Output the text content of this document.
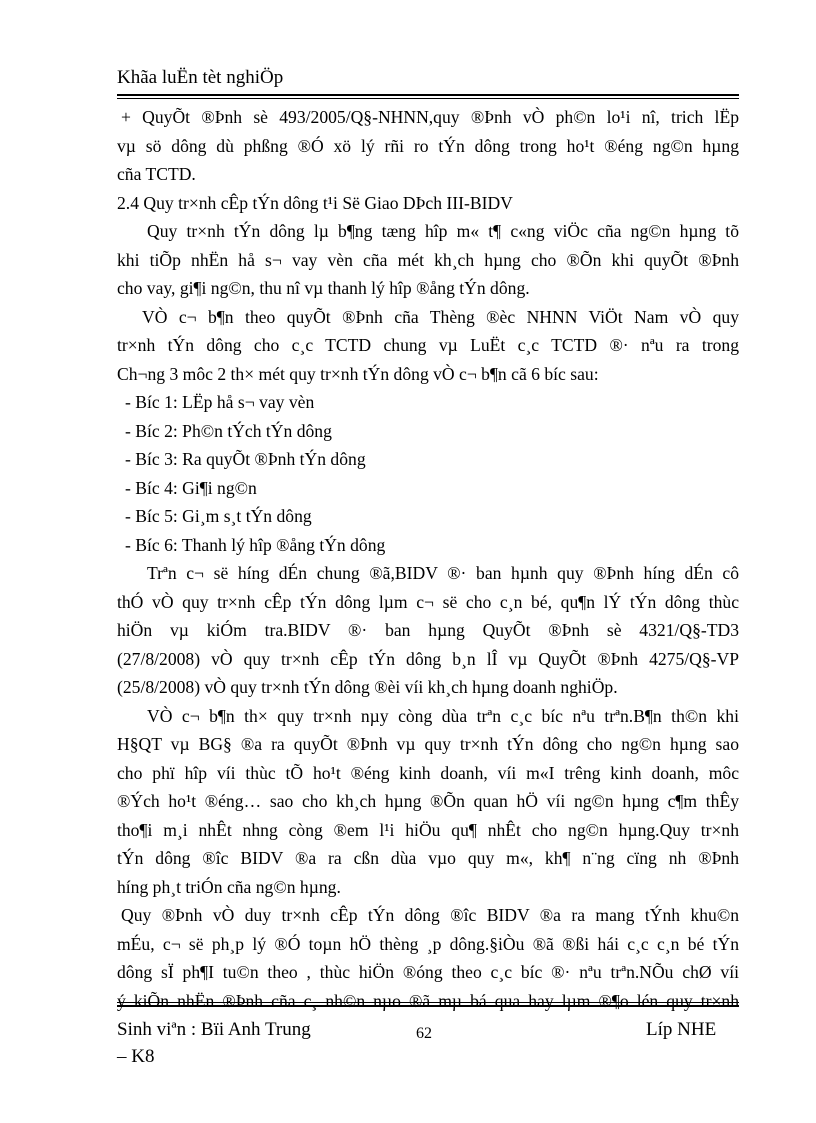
Khãa luËn tèt nghiÖp
+ QuyÕt ®Þnh sè 493/2005/Q§-NHNN,quy ®Þnh vÒ ph©n lo¹i nî, trich lËp
vµ sö dông dù phßng ®Ó xö lý rñi ro tÝn dông trong ho¹t ®éng ng©n hµng
cña TCTD.
2.4 Quy tr×nh cÊp tÝn dông t¹i Së Giao DÞch III-BIDV
Quy tr×nh tÝn dông lµ b¶ng tæng hîp m« t¶ c«ng viÖc cña ng©n hµng tõ
khi tiÕp nhËn hå s¬ vay vèn cña mét kh¸ch hµng cho ®Õn khi quyÕt ®Þnh
cho vay, gi¶i ng©n, thu nî vµ thanh lý hîp ®ång tÝn dông.
VÒ c¬ b¶n theo quyÕt ®Þnh cña Thèng ®èc NHNN ViÖt Nam vÒ quy
tr×nh tÝn dông cho c¸c TCTD chung vµ LuËt c¸c TCTD ®· nªu ra trong
Ch¬ng 3 môc 2 th× mét quy tr×nh tÝn dông vÒ c¬ b¶n cã 6 bíc sau:
- Bíc 1: LËp hå s¬ vay vèn
- Bíc 2: Ph©n tÝch tÝn dông
- Bíc 3: Ra quyÕt ®Þnh tÝn dông
- Bíc 4: Gi¶i ng©n
- Bíc 5: Gi¸m s¸t tÝn dông
- Bíc 6: Thanh lý hîp ®ång tÝn dông
Trªn c¬ së híng dÉn chung ®ã,BIDV ®· ban hµnh quy ®Þnh híng dÉn cô
thÓ vÒ quy tr×nh cÊp tÝn dông lµm c¬ së cho c¸n bé, qu¶n lÝ tÝn dông thùc
hiÖn vµ kiÓm tra.BIDV ®· ban hµng QuyÕt ®Þnh sè 4321/Q§-TD3
(27/8/2008) vÒ quy tr×nh cÊp tÝn dông b¸n lÎ vµ QuyÕt ®Þnh 4275/Q§-VP
(25/8/2008) vÒ quy tr×nh tÝn dông ®èi víi kh¸ch hµng doanh nghiÖp.
VÒ c¬ b¶n th× quy tr×nh nµy còng dùa trªn c¸c bíc nªu trªn.B¶n th©n khi
H§QT vµ BG§ ®a ra quyÕt ®Þnh vµ quy tr×nh tÝn dông cho ng©n hµng sao
cho phï hîp víi thùc tÕ ho¹t ®éng kinh doanh, víi m«I trêng kinh doanh, môc
®Ých ho¹t ®éng… sao cho kh¸ch hµng ®Õn quan hÖ víi ng©n hµng c¶m thÊy
tho¶i m¸i nhÊt nhng còng ®em l¹i hiÖu qu¶ nhÊt cho ng©n hµng.Quy tr×nh
tÝn dông ®îc BIDV ®a ra cßn dùa vµo quy m«, kh¶ n¨ng cïng nh ®Þnh
híng ph¸t triÓn cña ng©n hµng.
Quy ®Þnh vÒ duy tr×nh cÊp tÝn dông ®îc BIDV ®a ra mang tÝnh khu©n
mÉu, c¬ së ph¸p lý ®Ó toµn hÖ thèng ¸p dông.§iÒu ®ã ®ßi hái c¸c c¸n bé tÝn
dông sÏ ph¶I tu©n theo , thùc hiÖn ®óng theo c¸c bíc ®· nªu trªn.NÕu chØ víi
ý kiÕn nhËn ®Þnh cña c¸ nh©n nµo ®ã mµ bá qua hay lµm ®¶o lén quy tr×nh
Sinh viªn : Bïi Anh Trung
– K8
62	Líp NHE
